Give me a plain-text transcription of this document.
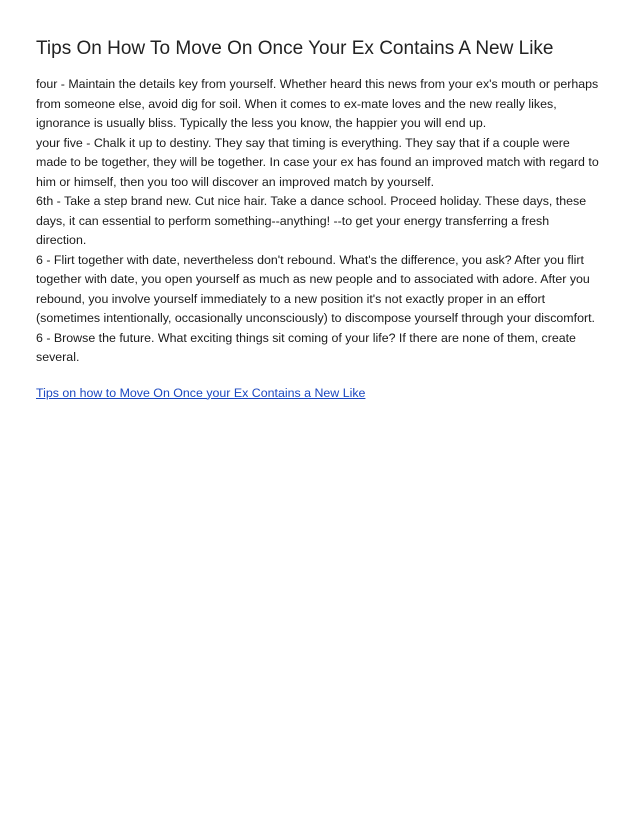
Tips On How To Move On Once Your Ex Contains A New Like

four - Maintain the details key from yourself. Whether heard this news from your ex's mouth or perhaps from someone else, avoid dig for soil. When it comes to ex-mate loves and the new really likes, ignorance is usually bliss. Typically the less you know, the happier you will end up.

your five - Chalk it up to destiny. They say that timing is everything. They say that if a couple were made to be together, they will be together. In case your ex has found an improved match with regard to him or himself, then you too will discover an improved match by yourself.

6th - Take a step brand new. Cut nice hair. Take a dance school. Proceed holiday. These days, these days, it can essential to perform something--anything! --to get your energy transferring a fresh direction.

6 - Flirt together with date, nevertheless don't rebound. What's the difference, you ask? After you flirt together with date, you open yourself as much as new people and to associated with adore. After you rebound, you involve yourself immediately to a new position it's not exactly proper in an effort (sometimes intentionally, occasionally unconsciously) to discompose yourself through your discomfort.

6 - Browse the future. What exciting things sit coming of your life? If there are none of them, create several.

Tips on how to Move On Once your Ex Contains a New Like
